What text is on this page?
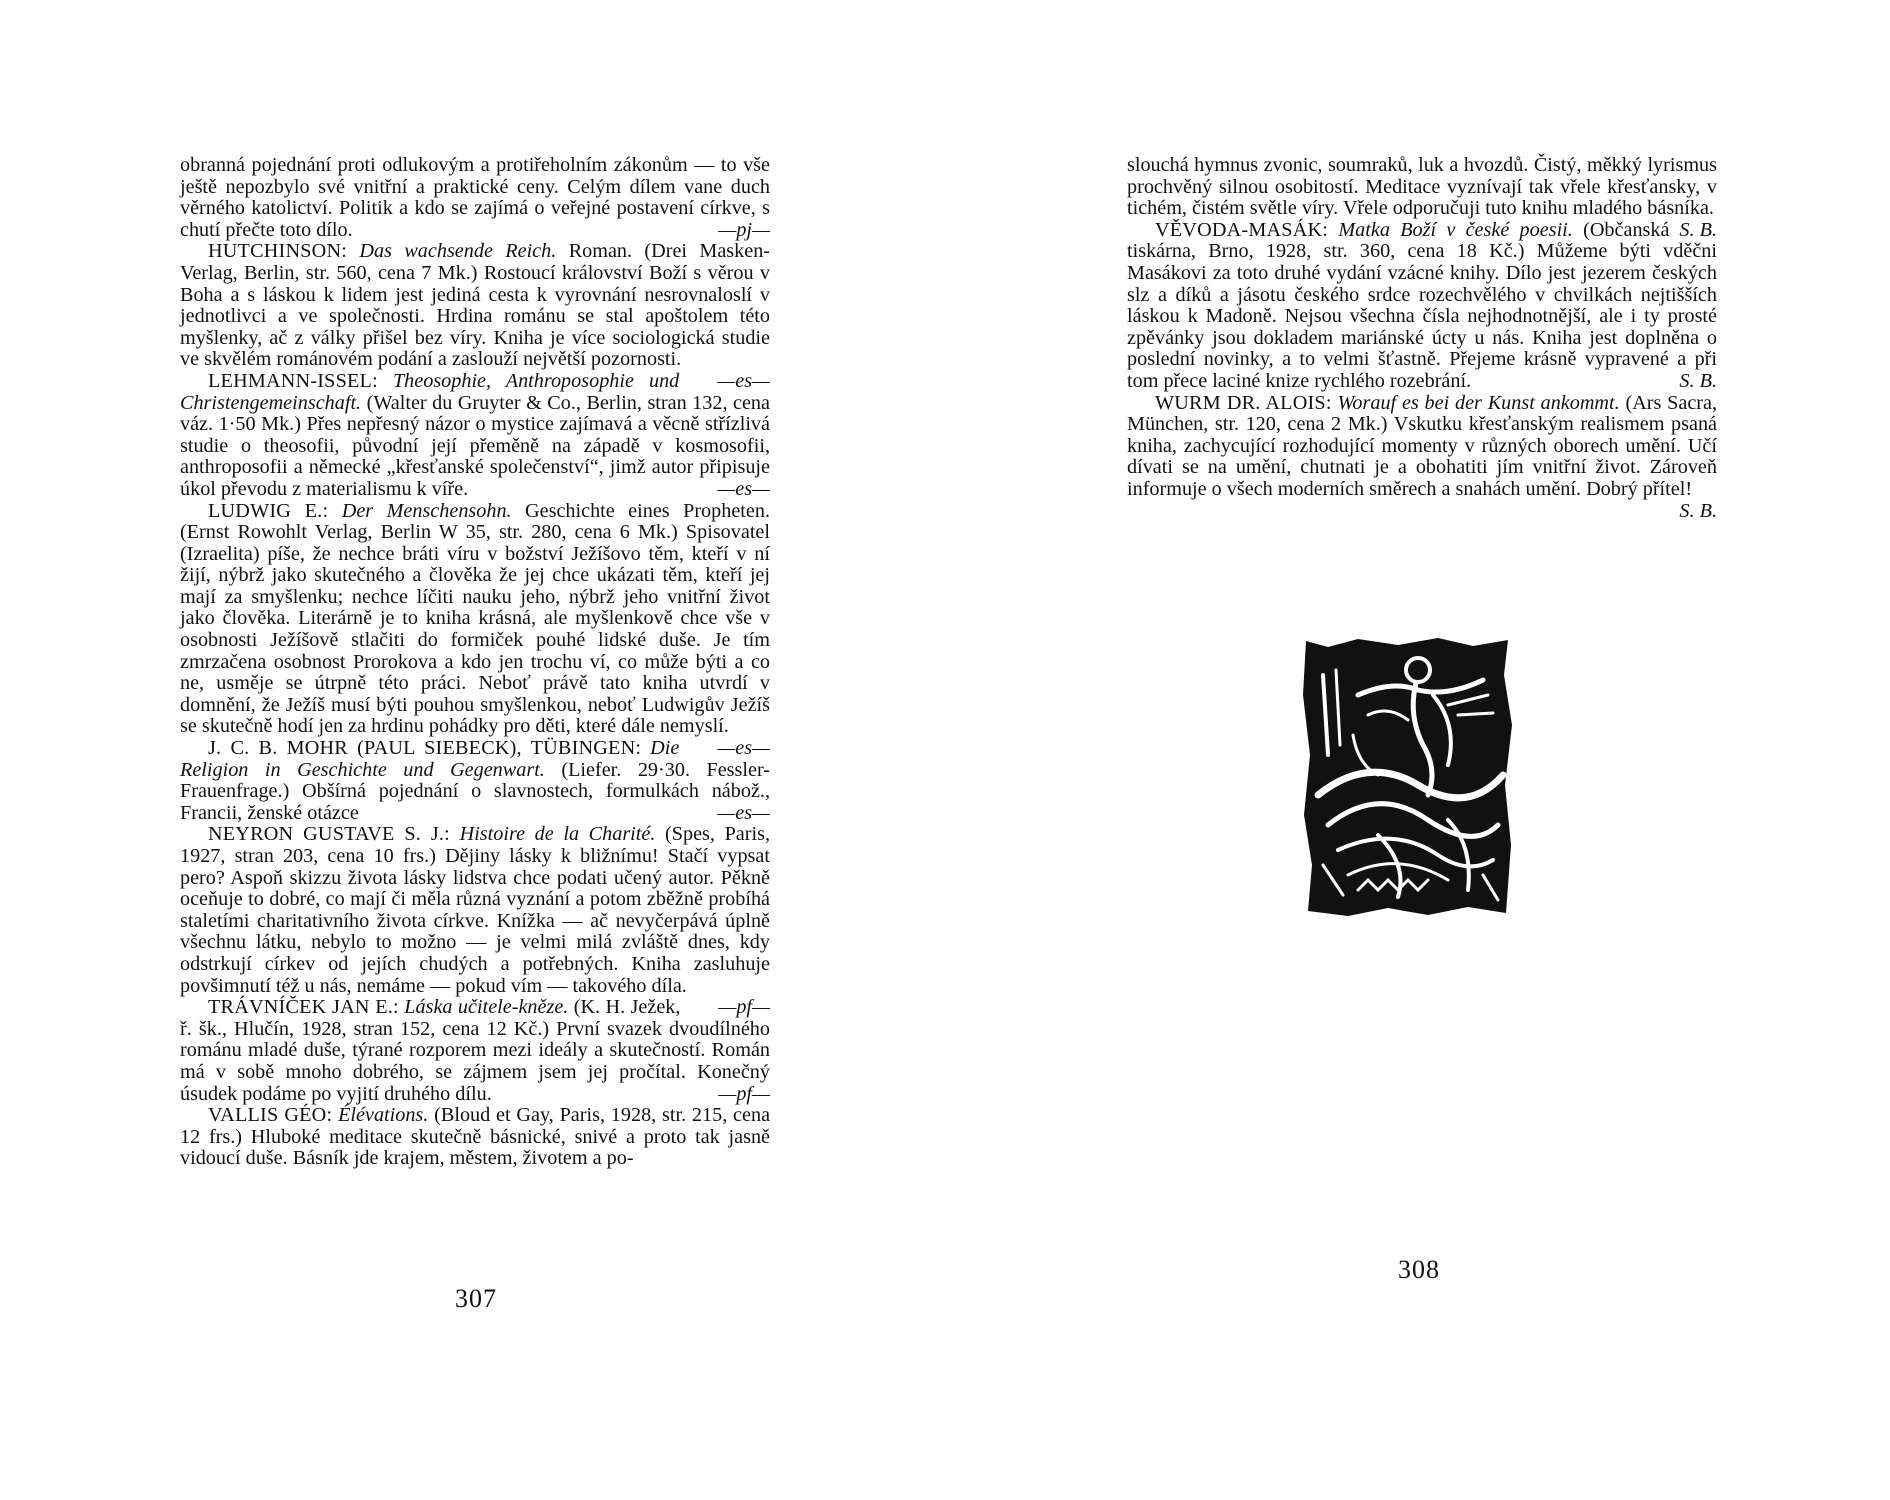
obranná pojednání proti odlukovým a protiřeholním zákonům — to vše ještě nepozbylo své vnitřní a praktické ceny. Celým dílem vane duch věrného katolictví. Politik a kdo se zajímá o veřejné postavení církve, s chutí přečte toto dílo.	—pj—

HUTCHINSON: Das wachsende Reich. Roman. (Drei Masken-Verlag, Berlin, str. 560, cena 7 Mk.) Rostoucí království Boží s věrou v Boha a s láskou k lidem jest jediná cesta k vyrovnání nesrovnaloslí v jednotlivci a ve společnosti. Hrdina románu se stal apoštolem této myšlenky, ač z války přišel bez víry. Kniha je více sociologická studie ve skvělém románovém podání a zaslouží největší pozornosti.
—es—

LEHMANN-ISSEL: Theosophie, Anthroposophie und Christengemeinschaft. (Walter du Gruyter & Co., Berlin, stran 132, cena váz. 1·50 Mk.) Přes nepřesný názor o mystice zajímavá a věcně střízlivá studie o theosofii, původní její přeměně na západě v kosmosofii, anthroposofii a německé „křesťanské společenství“, jimž autor připisuje úkol převodu z materialismu k víře.	—es—

LUDWIG E.: Der Menschensohn. Geschichte eines Propheten. (Ernst Rowohlt Verlag, Berlin W 35, str. 280, cena 6 Mk.) Spisovatel (Izraelita) píše, že nechce bráti víru v božství Ježíšovo těm, kteří v ní žijí, nýbrž jako skutečného a člověka že jej chce ukázati těm, kteří jej mají za smyšlenku; nechce líčiti nauku jeho, nýbrž jeho vnitřní život jako člověka. Literárně je to kniha krásná, ale myšlenkově chce vše v osobnosti Ježíšově stlačiti do formiček pouhé lidské duše. Je tím zmrzačena osobnost Prorokova a kdo jen trochu ví, co může býti a co ne, usměje se útrpně této práci. Neboť právě tato kniha utvrdí v domnění, že Ježíš musí býti pouhou smyšlenkou, neboť Ludwigův Ježíš se skutečně hodí jen za hrdinu pohádky pro děti, které dále nemyslí.
—es—

J. C. B. MOHR (PAUL SIEBECK), TÜBINGEN: Die Religion in Geschichte und Gegenwart. (Liefer. 29·30. Fessler-Frauenfrage.) Obšírná pojednání o slavnostech, formulkách nábož., Francii, ženské otázce	—es—

NEYRON GUSTAVE S. J.: Histoire de la Charité. (Spes, Paris, 1927, stran 203, cena 10 frs.) Dějiny lásky k bližnímu! Stačí vypsat pero? Aspoň skizzu života lásky lidstva chce podati učený autor. Pěkně oceňuje to dobré, co mají či měla různá vyznání a potom zběžně probíhá staletími charitativního života církve. Knížka — ač nevyčerpává úplně všechnu látku, nebylo to možno — je velmi milá zvláště dnes, kdy odstrkují církev od jejích chudých a potřebných. Kniha zasluhuje povšimnutí též u nás, nemáme — pokud vím — takového díla.
—pf—

TRÁVNÍČEK JAN E.: Láska učitele-kněze. (K. H. Ježek, ř. šk., Hlučín, 1928, stran 152, cena 12 Kč.) První svazek dvoudílného románu mladé duše, týrané rozporem mezi ideály a skutečností. Román má v sobě mnoho dobrého, se zájmem jsem jej pročítal. Konečný úsudek podáme po vyjití druhého dílu.	—pf—

VALLIS GÉO: Élévations. (Bloud et Gay, Paris, 1928, str. 215, cena 12 frs.) Hluboké meditace skutečně básnické, snivé a proto tak jasně vidoucí duše. Básník jde krajem, městem, životem a po-

307

slouchá hymnus zvonic, soumraků, luk a hvozdů. Čistý, měkký lyrismus prochvěný silnou osobitostí. Meditace vyznívají tak vřele křesťansky, v tichém, čistém světle víry. Vřele odporučuji tuto knihu mladého básníka.
S. B.

VĚVODA-MASÁK: Matka Boží v české poesii. (Občanská tiskárna, Brno, 1928, str. 360, cena 18 Kč.) Můžeme býti vděčni Masákovi za toto druhé vydání vzácné knihy. Dílo jest jezerem českých slz a díků a jásotu českého srdce rozechvělého v chvilkách nejtišších láskou k Madoně. Nejsou všechna čísla nejhodnotnější, ale i ty prosté zpěvánky jsou dokladem mariánské úcty u nás. Kniha jest doplněna o poslední novinky, a to velmi šťastně. Přejeme krásně vypravené a při tom přece laciné knize rychlého rozebrání.	S. B.

WURM DR. ALOIS: Worauf es bei der Kunst ankommt. (Ars Sacra, München, str. 120, cena 2 Mk.) Vskutku křesťanským realismem psaná kniha, zachycující rozhodující momenty v různých oborech umění. Učí dívati se na umění, chutnati je a obohatiti jím vnitřní život. Zároveň informuje o všech moderních směrech a snahách umění. Dobrý přítel!
S. B.

308
